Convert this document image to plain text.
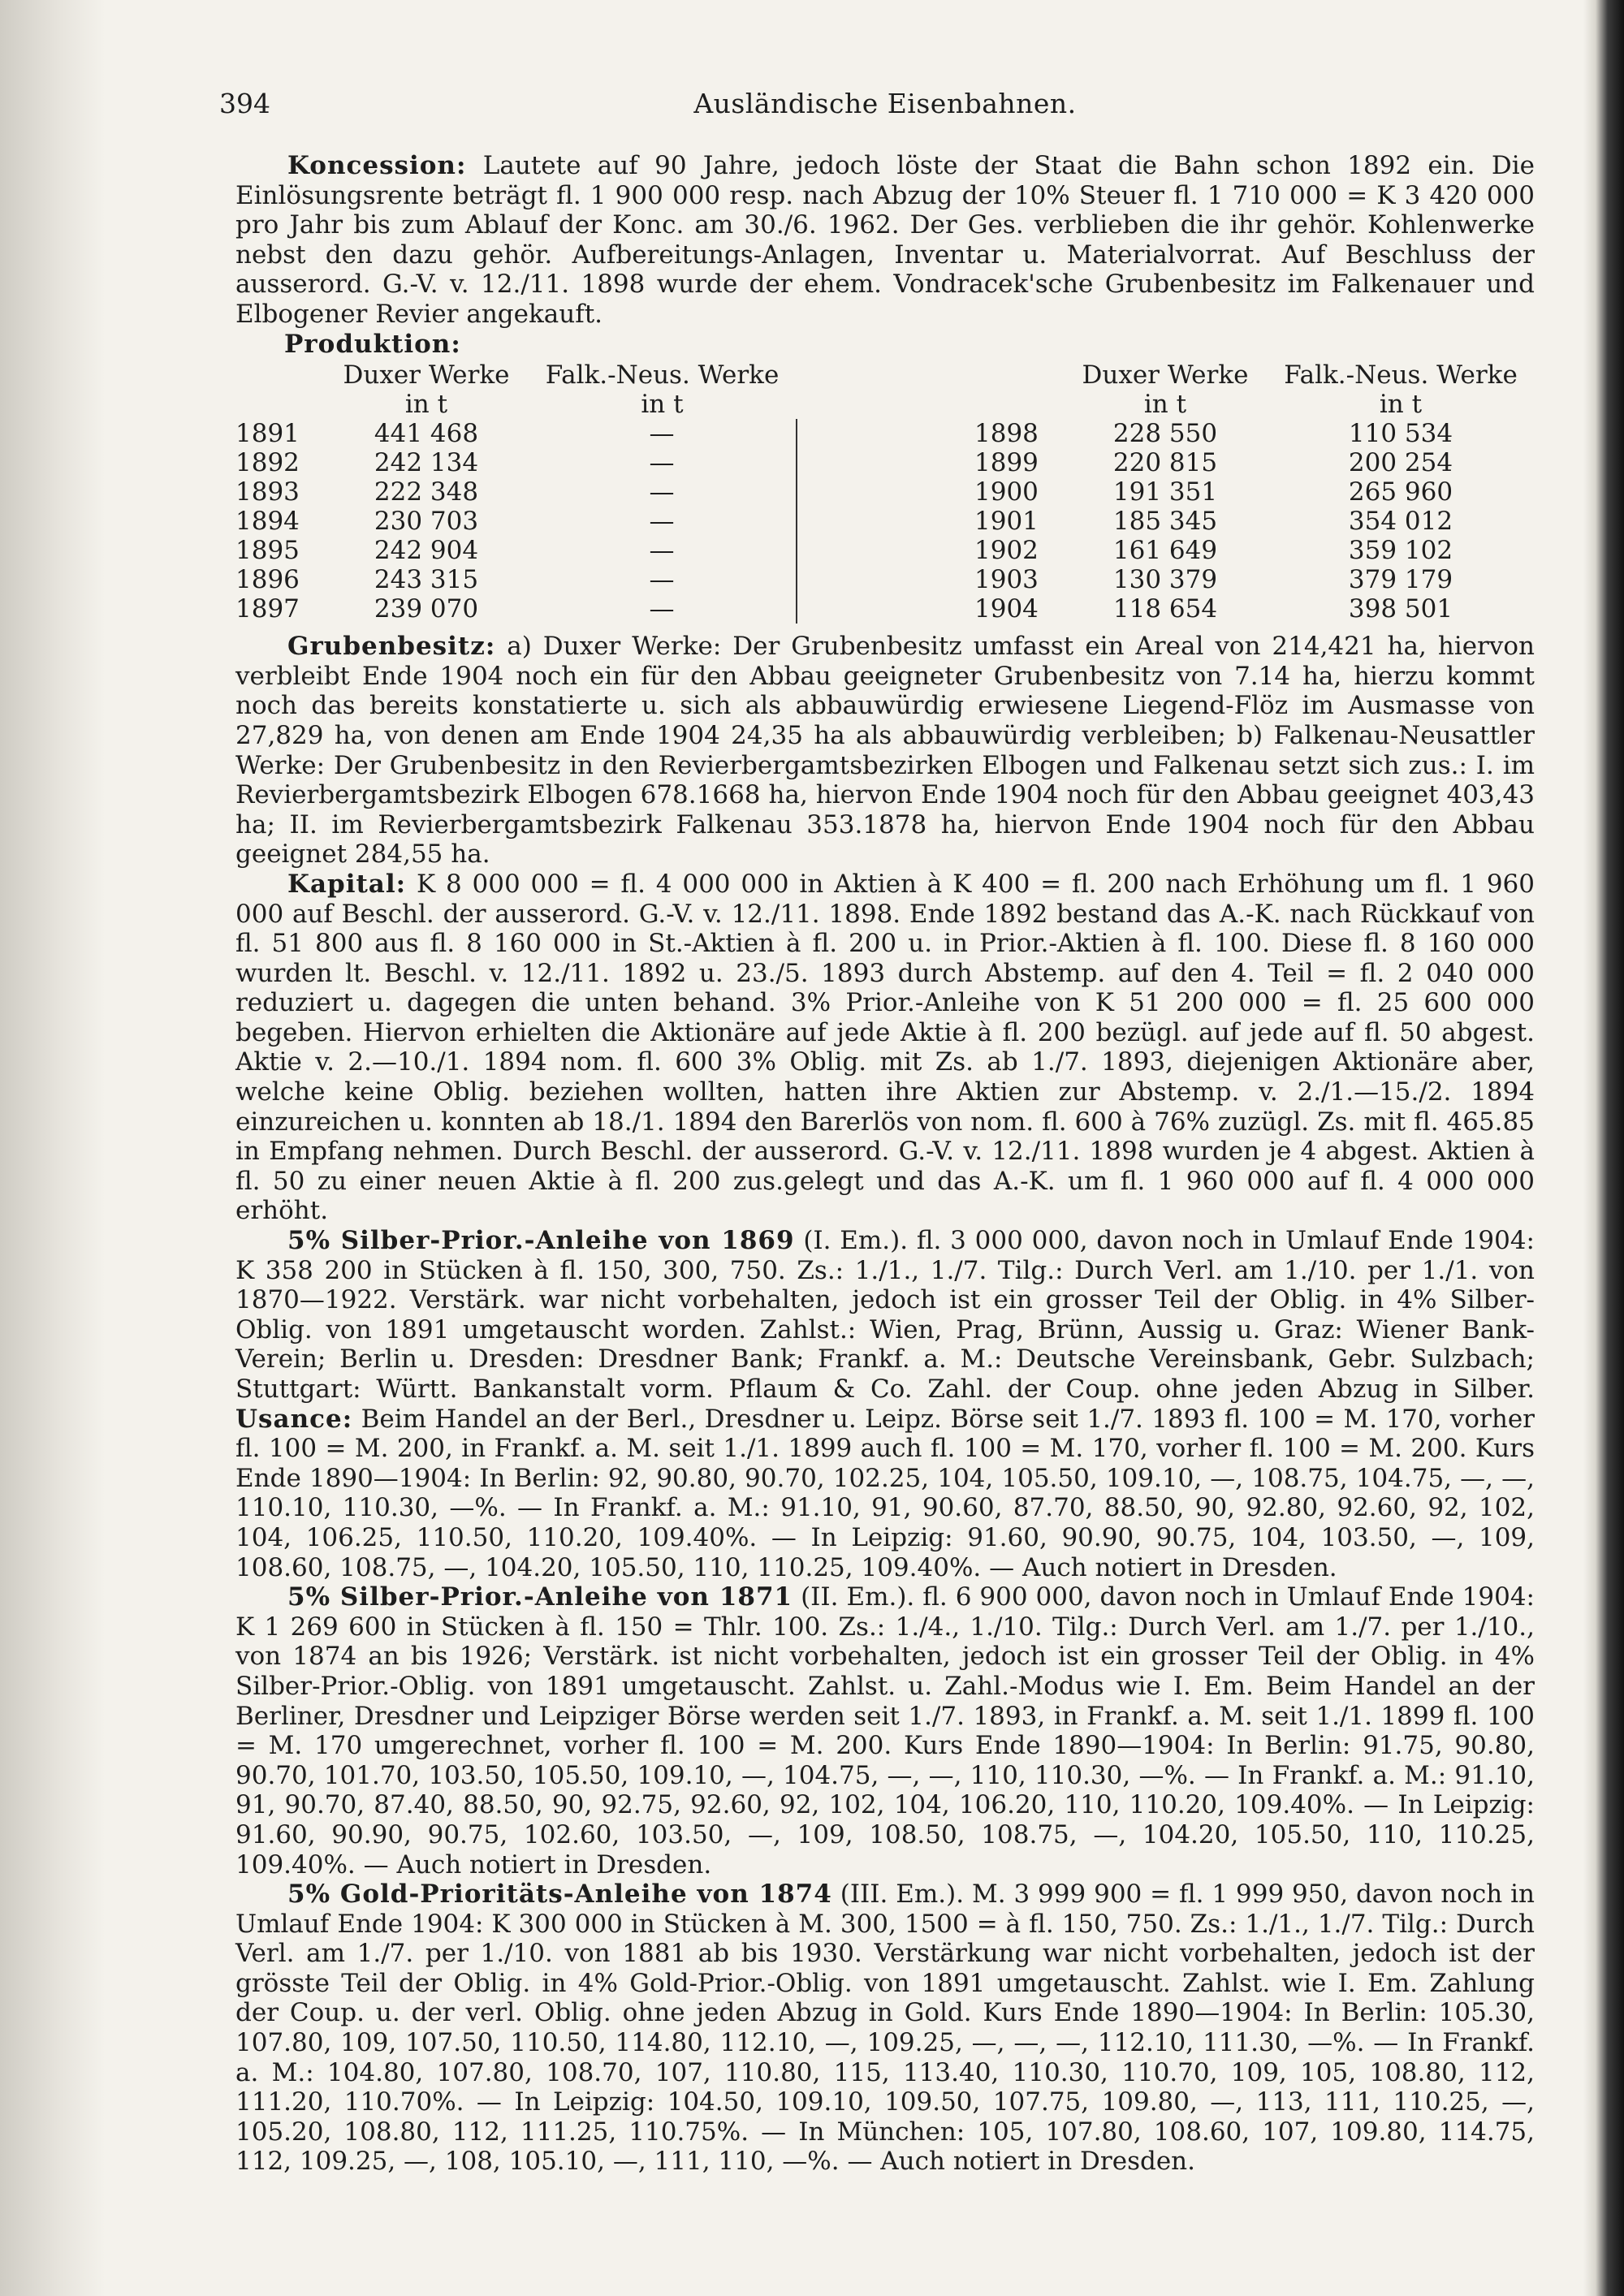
394	Ausländische Eisenbahnen.

Koncession: Lautete auf 90 Jahre, jedoch löste der Staat die Bahn schon 1892 ein. Die Einlösungsrente beträgt fl. 1 900 000 resp. nach Abzug der 10% Steuer fl. 1 710 000 = K 3 420 000 pro Jahr bis zum Ablauf der Konc. am 30./6. 1962. Der Ges. verblieben die ihr gehör. Kohlenwerke nebst den dazu gehör. Aufbereitungs-Anlagen, Inventar u. Materialvorrat. Auf Beschluss der ausserord. G.-V. v. 12./11. 1898 wurde der ehem. Vondracek'sche Grubenbesitz im Falkenauer und Elbogener Revier angekauft.

Produktion:
	Duxer Werke	Falk.-Neus. Werke
	in t	in t
1891	441 468	—
1892	242 134	—
1893	222 348	—
1894	230 703	—
1895	242 904	—
1896	243 315	—
1897	239 070	—
	Duxer Werke	Falk.-Neus. Werke
	in t	in t
1898	228 550	110 534
1899	220 815	200 254
1900	191 351	265 960
1901	185 345	354 012
1902	161 649	359 102
1903	130 379	379 179
1904	118 654	398 501

Grubenbesitz: a) Duxer Werke: Der Grubenbesitz umfasst ein Areal von 214,421 ha, hiervon verbleibt Ende 1904 noch ein für den Abbau geeigneter Grubenbesitz von 7.14 ha, hierzu kommt noch das bereits konstatierte u. sich als abbauwürdig erwiesene Liegend-Flöz im Ausmasse von 27,829 ha, von denen am Ende 1904 24,35 ha als abbauwürdig verbleiben; b) Falkenau-Neusattler Werke: Der Grubenbesitz in den Revierbergamtsbezirken Elbogen und Falkenau setzt sich zus.: I. im Revierbergamtsbezirk Elbogen 678.1668 ha, hiervon Ende 1904 noch für den Abbau geeignet 403,43 ha; II. im Revierbergamtsbezirk Falkenau 353.1878 ha, hiervon Ende 1904 noch für den Abbau geeignet 284,55 ha.

Kapital: K 8 000 000 = fl. 4 000 000 in Aktien à K 400 = fl. 200 nach Erhöhung um fl. 1 960 000 auf Beschl. der ausserord. G.-V. v. 12./11. 1898. Ende 1892 bestand das A.-K. nach Rückkauf von fl. 51 800 aus fl. 8 160 000 in St.-Aktien à fl. 200 u. in Prior.-Aktien à fl. 100. Diese fl. 8 160 000 wurden lt. Beschl. v. 12./11. 1892 u. 23./5. 1893 durch Abstemp. auf den 4. Teil = fl. 2 040 000 reduziert u. dagegen die unten behand. 3% Prior.-Anleihe von K 51 200 000 = fl. 25 600 000 begeben. Hiervon erhielten die Aktionäre auf jede Aktie à fl. 200 bezügl. auf jede auf fl. 50 abgest. Aktie v. 2.—10./1. 1894 nom. fl. 600 3% Oblig. mit Zs. ab 1./7. 1893, diejenigen Aktionäre aber, welche keine Oblig. beziehen wollten, hatten ihre Aktien zur Abstemp. v. 2./1.—15./2. 1894 einzureichen u. konnten ab 18./1. 1894 den Barerlös von nom. fl. 600 à 76% zuzügl. Zs. mit fl. 465.85 in Empfang nehmen. Durch Beschl. der ausserord. G.-V. v. 12./11. 1898 wurden je 4 abgest. Aktien à fl. 50 zu einer neuen Aktie à fl. 200 zus.gelegt und das A.-K. um fl. 1 960 000 auf fl. 4 000 000 erhöht.

5% Silber-Prior.-Anleihe von 1869 (I. Em.). fl. 3 000 000, davon noch in Umlauf Ende 1904: K 358 200 in Stücken à fl. 150, 300, 750. Zs.: 1./1., 1./7. Tilg.: Durch Verl. am 1./10. per 1./1. von 1870—1922. Verstärk. war nicht vorbehalten, jedoch ist ein grosser Teil der Oblig. in 4% Silber-Oblig. von 1891 umgetauscht worden. Zahlst.: Wien, Prag, Brünn, Aussig u. Graz: Wiener Bank-Verein; Berlin u. Dresden: Dresdner Bank; Frankf. a. M.: Deutsche Vereinsbank, Gebr. Sulzbach; Stuttgart: Württ. Bankanstalt vorm. Pflaum & Co. Zahl. der Coup. ohne jeden Abzug in Silber. Usance: Beim Handel an der Berl., Dresdner u. Leipz. Börse seit 1./7. 1893 fl. 100 = M. 170, vorher fl. 100 = M. 200, in Frankf. a. M. seit 1./1. 1899 auch fl. 100 = M. 170, vorher fl. 100 = M. 200. Kurs Ende 1890—1904: In Berlin: 92, 90.80, 90.70, 102.25, 104, 105.50, 109.10, —, 108.75, 104.75, —, —, 110.10, 110.30, —%. — In Frankf. a. M.: 91.10, 91, 90.60, 87.70, 88.50, 90, 92.80, 92.60, 92, 102, 104, 106.25, 110.50, 110.20, 109.40%. — In Leipzig: 91.60, 90.90, 90.75, 104, 103.50, —, 109, 108.60, 108.75, —, 104.20, 105.50, 110, 110.25, 109.40%. — Auch notiert in Dresden.

5% Silber-Prior.-Anleihe von 1871 (II. Em.). fl. 6 900 000, davon noch in Umlauf Ende 1904: K 1 269 600 in Stücken à fl. 150 = Thlr. 100. Zs.: 1./4., 1./10. Tilg.: Durch Verl. am 1./7. per 1./10., von 1874 an bis 1926; Verstärk. ist nicht vorbehalten, jedoch ist ein grosser Teil der Oblig. in 4% Silber-Prior.-Oblig. von 1891 umgetauscht. Zahlst. u. Zahl.-Modus wie I. Em. Beim Handel an der Berliner, Dresdner und Leipziger Börse werden seit 1./7. 1893, in Frankf. a. M. seit 1./1. 1899 fl. 100 = M. 170 umgerechnet, vorher fl. 100 = M. 200. Kurs Ende 1890—1904: In Berlin: 91.75, 90.80, 90.70, 101.70, 103.50, 105.50, 109.10, —, 104.75, —, —, 110, 110.30, —%. — In Frankf. a. M.: 91.10, 91, 90.70, 87.40, 88.50, 90, 92.75, 92.60, 92, 102, 104, 106.20, 110, 110.20, 109.40%. — In Leipzig: 91.60, 90.90, 90.75, 102.60, 103.50, —, 109, 108.50, 108.75, —, 104.20, 105.50, 110, 110.25, 109.40%. — Auch notiert in Dresden.

5% Gold-Prioritäts-Anleihe von 1874 (III. Em.). M. 3 999 900 = fl. 1 999 950, davon noch in Umlauf Ende 1904: K 300 000 in Stücken à M. 300, 1500 = à fl. 150, 750. Zs.: 1./1., 1./7. Tilg.: Durch Verl. am 1./7. per 1./10. von 1881 ab bis 1930. Verstärkung war nicht vorbehalten, jedoch ist der grösste Teil der Oblig. in 4% Gold-Prior.-Oblig. von 1891 umgetauscht. Zahlst. wie I. Em. Zahlung der Coup. u. der verl. Oblig. ohne jeden Abzug in Gold. Kurs Ende 1890—1904: In Berlin: 105.30, 107.80, 109, 107.50, 110.50, 114.80, 112.10, —, 109.25, —, —, —, 112.10, 111.30, —%. — In Frankf. a. M.: 104.80, 107.80, 108.70, 107, 110.80, 115, 113.40, 110.30, 110.70, 109, 105, 108.80, 112, 111.20, 110.70%. — In Leipzig: 104.50, 109.10, 109.50, 107.75, 109.80, —, 113, 111, 110.25, —, 105.20, 108.80, 112, 111.25, 110.75%. — In München: 105, 107.80, 108.60, 107, 109.80, 114.75, 112, 109.25, —, 108, 105.10, —, 111, 110, —%. — Auch notiert in Dresden.
